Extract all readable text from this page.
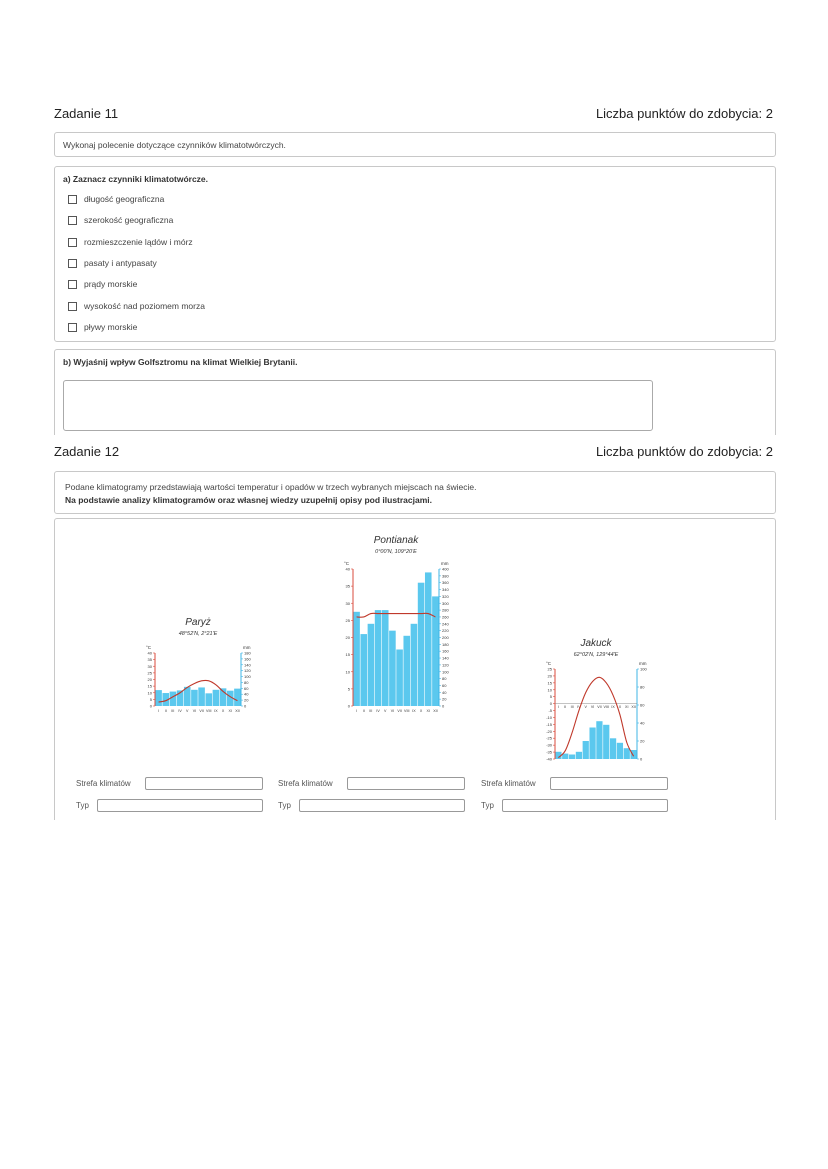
Zadanie 11	Liczba punktów do zdobycia: 2
Wykonaj polecenie dotyczące czynników klimatotwórczych.
a) Zaznacz czynniki klimatotwórcze.
długość geograficzna
szerokość geograficzna
rozmieszczenie lądów i mórz
pasaty i antypasaty
prądy morskie
wysokość nad poziomem morza
pływy morskie
b) Wyjaśnij wpływ Golfsztromu na klimat Wielkiej Brytanii.
Zadanie 12	Liczba punktów do zdobycia: 2
Podane klimatogramy przedstawiają wartości temperatur i opadów w trzech wybranych miejscach na świecie.
Na podstawie analizy klimatogramów oraz własnej wiedzy uzupełnij opisy pod ilustracjami.
Paryż
48°52'N, 2°21'E
°C	mm
40
35
30
25
20
15
10
5
0
180
160
140
120
100
80
60
40
20
0
I II III IV V VI VII VIII IX X XI XII
Pontianak
0°00'N, 109°20'E
°C	mm
40
35
30
25
20
15
10
5
0
400
380
360
340
320
300
280
260
240
220
200
180
160
140
120
100
80
60
40
20
0
I II III IV V VI VII VIII IX X XI XII
Jakuck
62°02'N, 129°44'E
°C	mm
25
20
15
10
5
0
-5
-10
-15
-20
-25
-30
-35
-40
100
80
60
40
20
0
I II III IV V VI VII VIII IX X XI XII
Strefa klimatów
Typ
Strefa klimatów
Typ
Strefa klimatów
Typ
